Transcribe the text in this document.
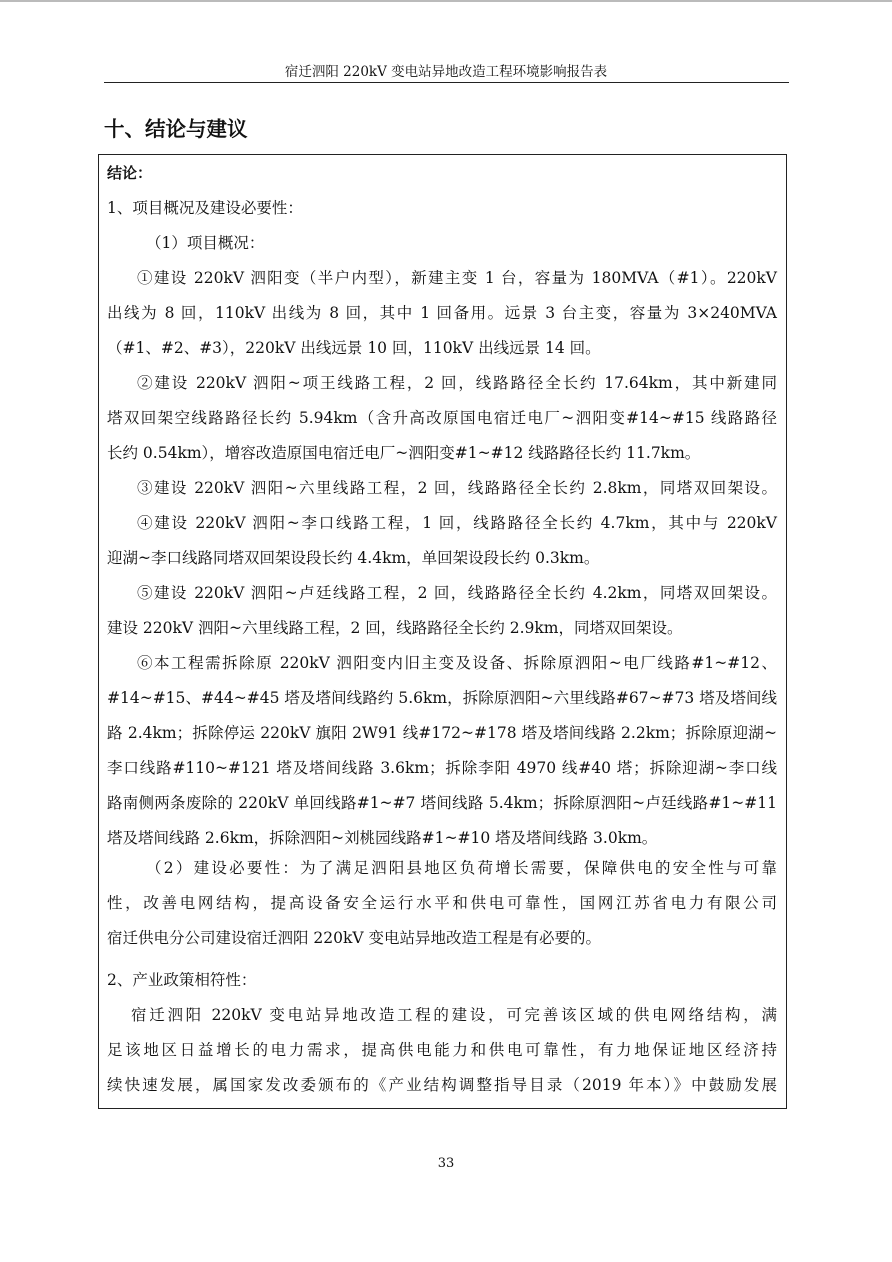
宿迁泗阳 220kV 变电站异地改造工程环境影响报告表
十、结论与建议
结论：
1、项目概况及建设必要性：
（1）项目概况：
①建设 220kV 泗阳变（半户内型），新建主变 1 台，容量为 180MVA（#1）。220kV
出线为 8 回，110kV 出线为 8 回，其中 1 回备用。远景 3 台主变，容量为 3×240MVA
（#1、#2、#3），220kV 出线远景 10 回，110kV 出线远景 14 回。
②建设 220kV 泗阳~项王线路工程，2 回，线路路径全长约 17.64km，其中新建同
塔双回架空线路路径长约 5.94km（含升高改原国电宿迁电厂~泗阳变#14~#15 线路路径
长约 0.54km），增容改造原国电宿迁电厂~泗阳变#1~#12 线路路径长约 11.7km。
③建设 220kV 泗阳~六里线路工程，2 回，线路路径全长约 2.8km，同塔双回架设。
④建设 220kV 泗阳~李口线路工程，1 回，线路路径全长约 4.7km，其中与 220kV
迎湖~李口线路同塔双回架设段长约 4.4km，单回架设段长约 0.3km。
⑤建设 220kV 泗阳~卢廷线路工程，2 回，线路路径全长约 4.2km，同塔双回架设。
建设 220kV 泗阳~六里线路工程，2 回，线路路径全长约 2.9km，同塔双回架设。
⑥本工程需拆除原 220kV 泗阳变内旧主变及设备、拆除原泗阳~电厂线路#1~#12、
#14~#15、#44~#45 塔及塔间线路约 5.6km，拆除原泗阳~六里线路#67~#73 塔及塔间线
路 2.4km；拆除停运 220kV 旗阳 2W91 线#172~#178 塔及塔间线路 2.2km；拆除原迎湖~
李口线路#110~#121 塔及塔间线路 3.6km；拆除李阳 4970 线#40 塔；拆除迎湖~李口线
路南侧两条废除的 220kV 单回线路#1~#7 塔间线路 5.4km；拆除原泗阳~卢廷线路#1~#11
塔及塔间线路 2.6km，拆除泗阳~刘桃园线路#1~#10 塔及塔间线路 3.0km。
（2）建设必要性：为了满足泗阳县地区负荷增长需要，保障供电的安全性与可靠
性，改善电网结构，提高设备安全运行水平和供电可靠性，国网江苏省电力有限公司
宿迁供电分公司建设宿迁泗阳 220kV 变电站异地改造工程是有必要的。
2、产业政策相符性：
宿迁泗阳 220kV 变电站异地改造工程的建设，可完善该区域的供电网络结构，满
足该地区日益增长的电力需求，提高供电能力和供电可靠性，有力地保证地区经济持
续快速发展，属国家发改委颁布的《产业结构调整指导目录（2019 年本）》中鼓励发展
33
